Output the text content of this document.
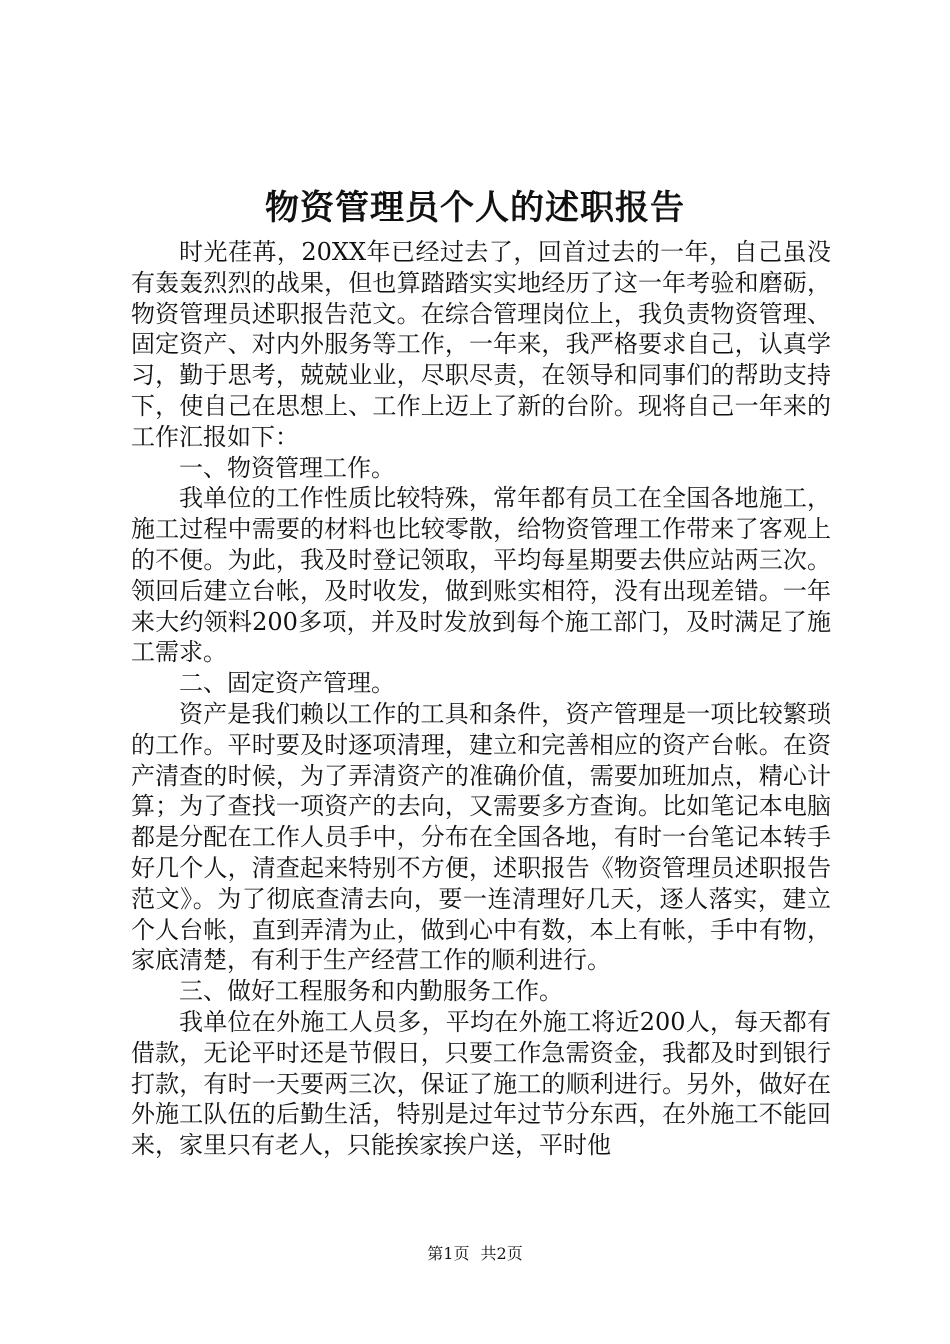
物资管理员个人的述职报告

时光荏苒，20XX年已经过去了，回首过去的一年，自己虽没有轰轰烈烈的战果，但也算踏踏实实地经历了这一年考验和磨砺，物资管理员述职报告范文。在综合管理岗位上，我负责物资管理、固定资产、对内外服务等工作，一年来，我严格要求自己，认真学习，勤于思考，兢兢业业，尽职尽责，在领导和同事们的帮助支持下，使自己在思想上、工作上迈上了新的台阶。现将自己一年来的工作汇报如下：

一、物资管理工作。

我单位的工作性质比较特殊，常年都有员工在全国各地施工，施工过程中需要的材料也比较零散，给物资管理工作带来了客观上的不便。为此，我及时登记领取，平均每星期要去供应站两三次。领回后建立台帐，及时收发，做到账实相符，没有出现差错。一年来大约领料200多项，并及时发放到每个施工部门，及时满足了施工需求。

二、固定资产管理。

资产是我们赖以工作的工具和条件，资产管理是一项比较繁琐的工作。平时要及时逐项清理，建立和完善相应的资产台帐。在资产清查的时候，为了弄清资产的准确价值，需要加班加点，精心计算；为了查找一项资产的去向，又需要多方查询。比如笔记本电脑都是分配在工作人员手中，分布在全国各地，有时一台笔记本转手好几个人，清查起来特别不方便，述职报告《物资管理员述职报告范文》。为了彻底查清去向，要一连清理好几天，逐人落实，建立个人台帐，直到弄清为止，做到心中有数，本上有帐，手中有物，家底清楚，有利于生产经营工作的顺利进行。

三、做好工程服务和内勤服务工作。

我单位在外施工人员多，平均在外施工将近200人，每天都有借款，无论平时还是节假日，只要工作急需资金，我都及时到银行打款，有时一天要两三次，保证了施工的顺利进行。另外，做好在外施工队伍的后勤生活，特别是过年过节分东西，在外施工不能回来，家里只有老人，只能挨家挨户送，平时他

第1页 共2页
